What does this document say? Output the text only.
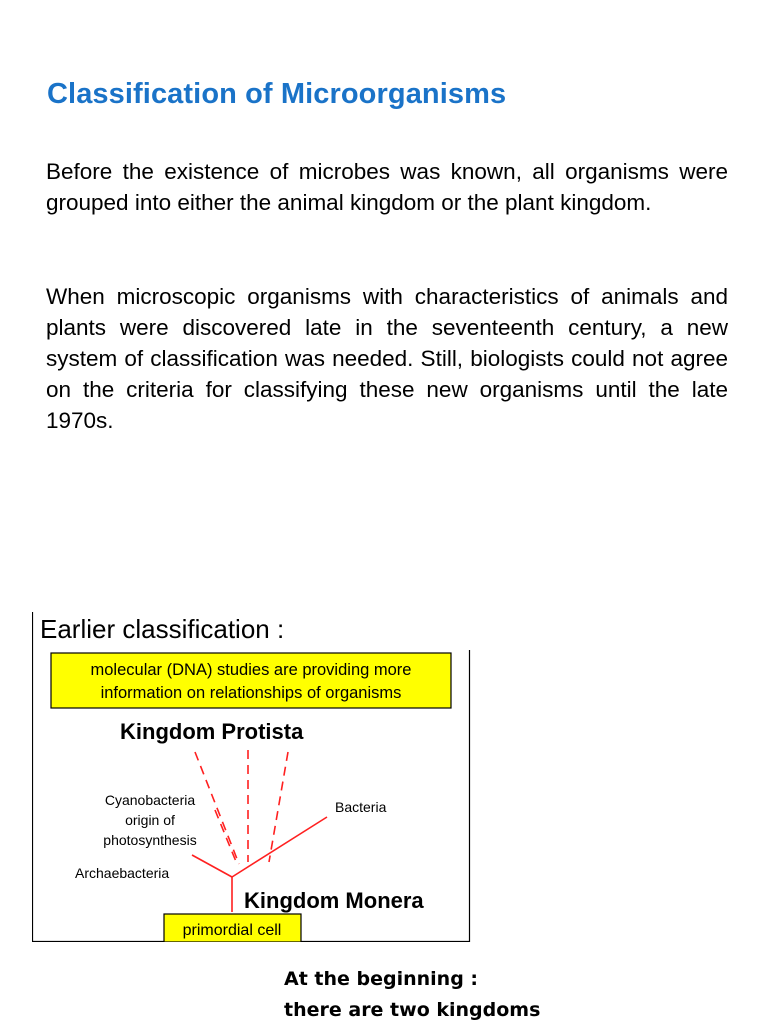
Classification of Microorganisms

Before the existence of microbes was known, all organisms were grouped into either the animal kingdom or the plant kingdom.

When microscopic organisms with characteristics of animals and plants were discovered late in the seventeenth century, a new system of classification was needed. Still, biologists could not agree on the criteria for classifying these new organisms until the late 1970s.

molecular (DNA) studies are providing more
information on relationships of organisms
Kingdom Protista
Cyanobacteria
origin of
photosynthesis
Bacteria
Archaebacteria
Kingdom Monera
primordial cell
Earlier classification :
At the beginning :
there are two kingdoms
